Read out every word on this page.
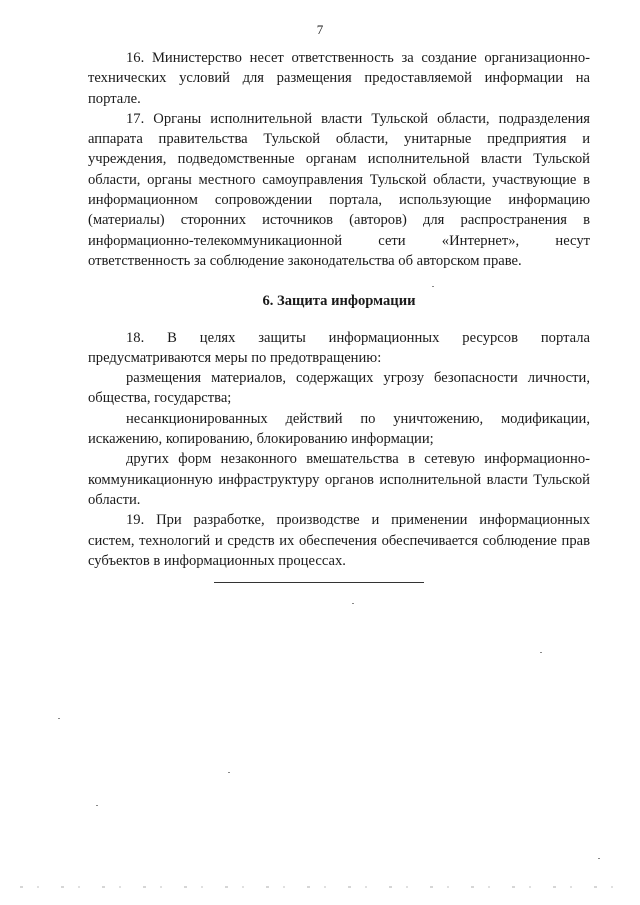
7

16. Министерство несет ответственность за создание организационно-технических условий для размещения предоставляемой информации на портале.

17. Органы исполнительной власти Тульской области, подразделения аппарата правительства Тульской области, унитарные предприятия и учреждения, подведомственные органам исполнительной власти Тульской области, органы местного самоуправления Тульской области, участвующие в информационном сопровождении портала, использующие информацию (материалы) сторонних источников (авторов) для распространения в информационно-телекоммуникационной сети «Интернет», несут ответственность за соблюдение законодательства об авторском праве.

6. Защита информации

18. В целях защиты информационных ресурсов портала предусматриваются меры по предотвращению:

размещения материалов, содержащих угрозу безопасности личности, общества, государства;

несанкционированных действий по уничтожению, модификации, искажению, копированию, блокированию информации;

других форм незаконного вмешательства в сетевую информационно-коммуникационную инфраструктуру органов исполнительной власти Тульской области.

19. При разработке, производстве и применении информационных систем, технологий и средств их обеспечения обеспечивается соблюдение прав субъектов в информационных процессах.
